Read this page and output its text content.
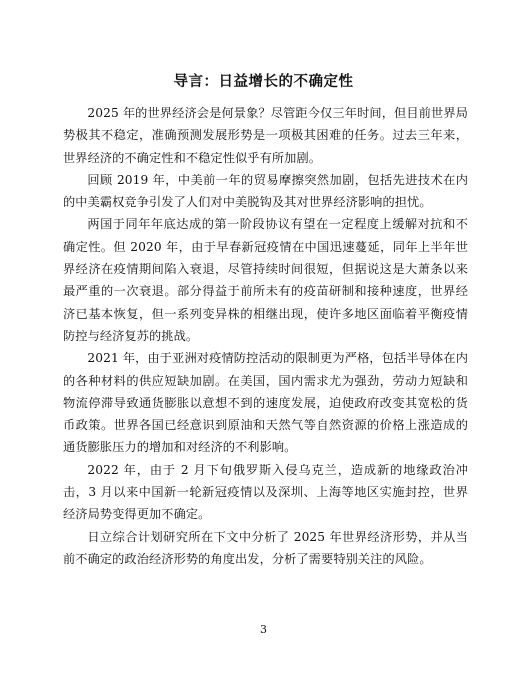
导言：日益增长的不确定性

2025 年的世界经济会是何景象？尽管距今仅三年时间，但目前世界局势极其不稳定，准确预测发展形势是一项极其困难的任务。过去三年来，世界经济的不确定性和不稳定性似乎有所加剧。

回顾 2019 年，中美前一年的贸易摩擦突然加剧，包括先进技术在内的中美霸权竞争引发了人们对中美脱钩及其对世界经济影响的担忧。

两国于同年年底达成的第一阶段协议有望在一定程度上缓解对抗和不确定性。但 2020 年，由于早春新冠疫情在中国迅速蔓延，同年上半年世界经济在疫情期间陷入衰退，尽管持续时间很短，但据说这是大萧条以来最严重的一次衰退。部分得益于前所未有的疫苗研制和接种速度，世界经济已基本恢复，但一系列变异株的相继出现，使许多地区面临着平衡疫情防控与经济复苏的挑战。

2021 年，由于亚洲对疫情防控活动的限制更为严格，包括半导体在内的各种材料的供应短缺加剧。在美国，国内需求尤为强劲，劳动力短缺和物流停滞导致通货膨胀以意想不到的速度发展，迫使政府改变其宽松的货币政策。世界各国已经意识到原油和天然气等自然资源的价格上涨造成的通货膨胀压力的增加和对经济的不利影响。

2022 年，由于 2 月下旬俄罗斯入侵乌克兰，造成新的地缘政治冲击，3 月以来中国新一轮新冠疫情以及深圳、上海等地区实施封控，世界经济局势变得更加不确定。

日立综合计划研究所在下文中分析了 2025 年世界经济形势，并从当前不确定的政治经济形势的角度出发，分析了需要特别关注的风险。

3
